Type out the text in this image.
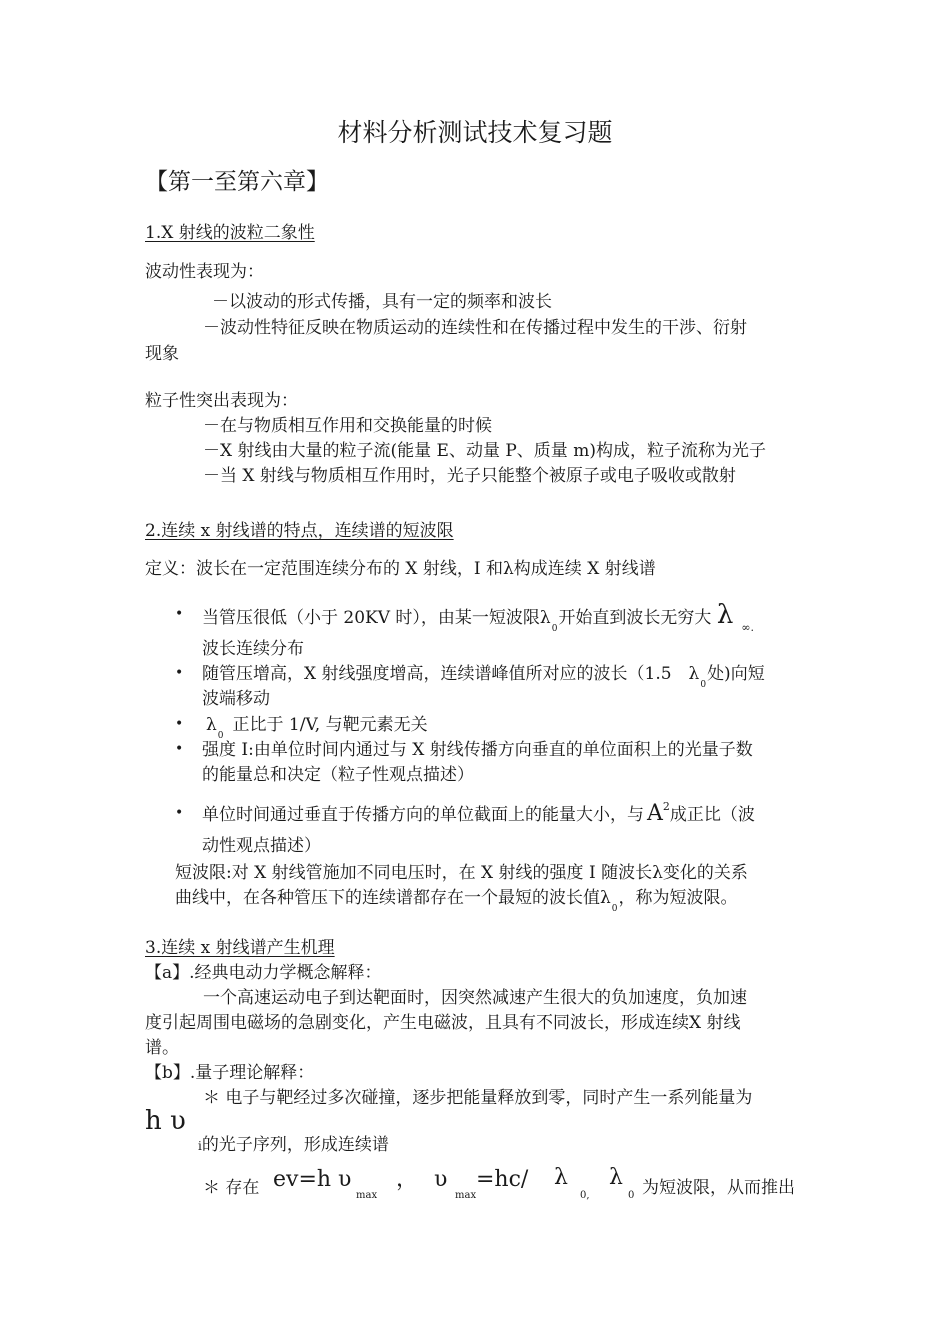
材料分析测试技术复习题
【第一至第六章】
1.X 射线的波粒二象性
波动性表现为：
－以波动的形式传播，具有一定的频率和波长
－波动性特征反映在物质运动的连续性和在传播过程中发生的干涉、衍射
现象
粒子性突出表现为：
－在与物质相互作用和交换能量的时候
－X 射线由大量的粒子流(能量 E、动量 P、质量 m)构成，粒子流称为光子
－当 X 射线与物质相互作用时，光子只能整个被原子或电子吸收或散射
2.连续 x 射线谱的特点，连续谱的短波限
定义：波长在一定范围连续分布的 X 射线，I 和λ构成连续 X 射线谱
• 当管压很低（小于 20KV 时），由某一短波限$\lambda_0$开始直到波长无穷大 λ $_{\infty.}$
波长连续分布
• 随管压增高，X 射线强度增高，连续谱峰值所对应的波长（1.5　$\lambda_0$处)向短
波端移动
• $\lambda_0$正比于 1/V, 与靶元素无关
• 强度 I:由单位时间内通过与 X 射线传播方向垂直的单位面积上的光量子数
的能量总和决定（粒子性观点描述）
• 单位时间通过垂直于传播方向的单位截面上的能量大小，与 $A^2$成正比（波
动性观点描述）
短波限:对 X 射线管施加不同电压时，在 X 射线的强度 I 随波长λ变化的关系
曲线中，在各种管压下的连续谱都存在一个最短的波长值$\lambda_0$，称为短波限。
3.连续 x 射线谱产生机理
【a】.经典电动力学概念解释：
一个高速运动电子到达靶面时，因突然减速产生很大的负加速度，负加速
度引起周围电磁场的急剧变化，产生电磁波，且具有不同波长，形成连续X 射线
谱。
【b】.量子理论解释：
＊ 电子与靶经过多次碰撞，逐步把能量释放到零，同时产生一系列能量为
h υ
i的光子序列，形成连续谱
＊ 存在 ev=h υ
max
， υ
max
=hc/ λ
0,
λ
0 为短波限，从而推出
